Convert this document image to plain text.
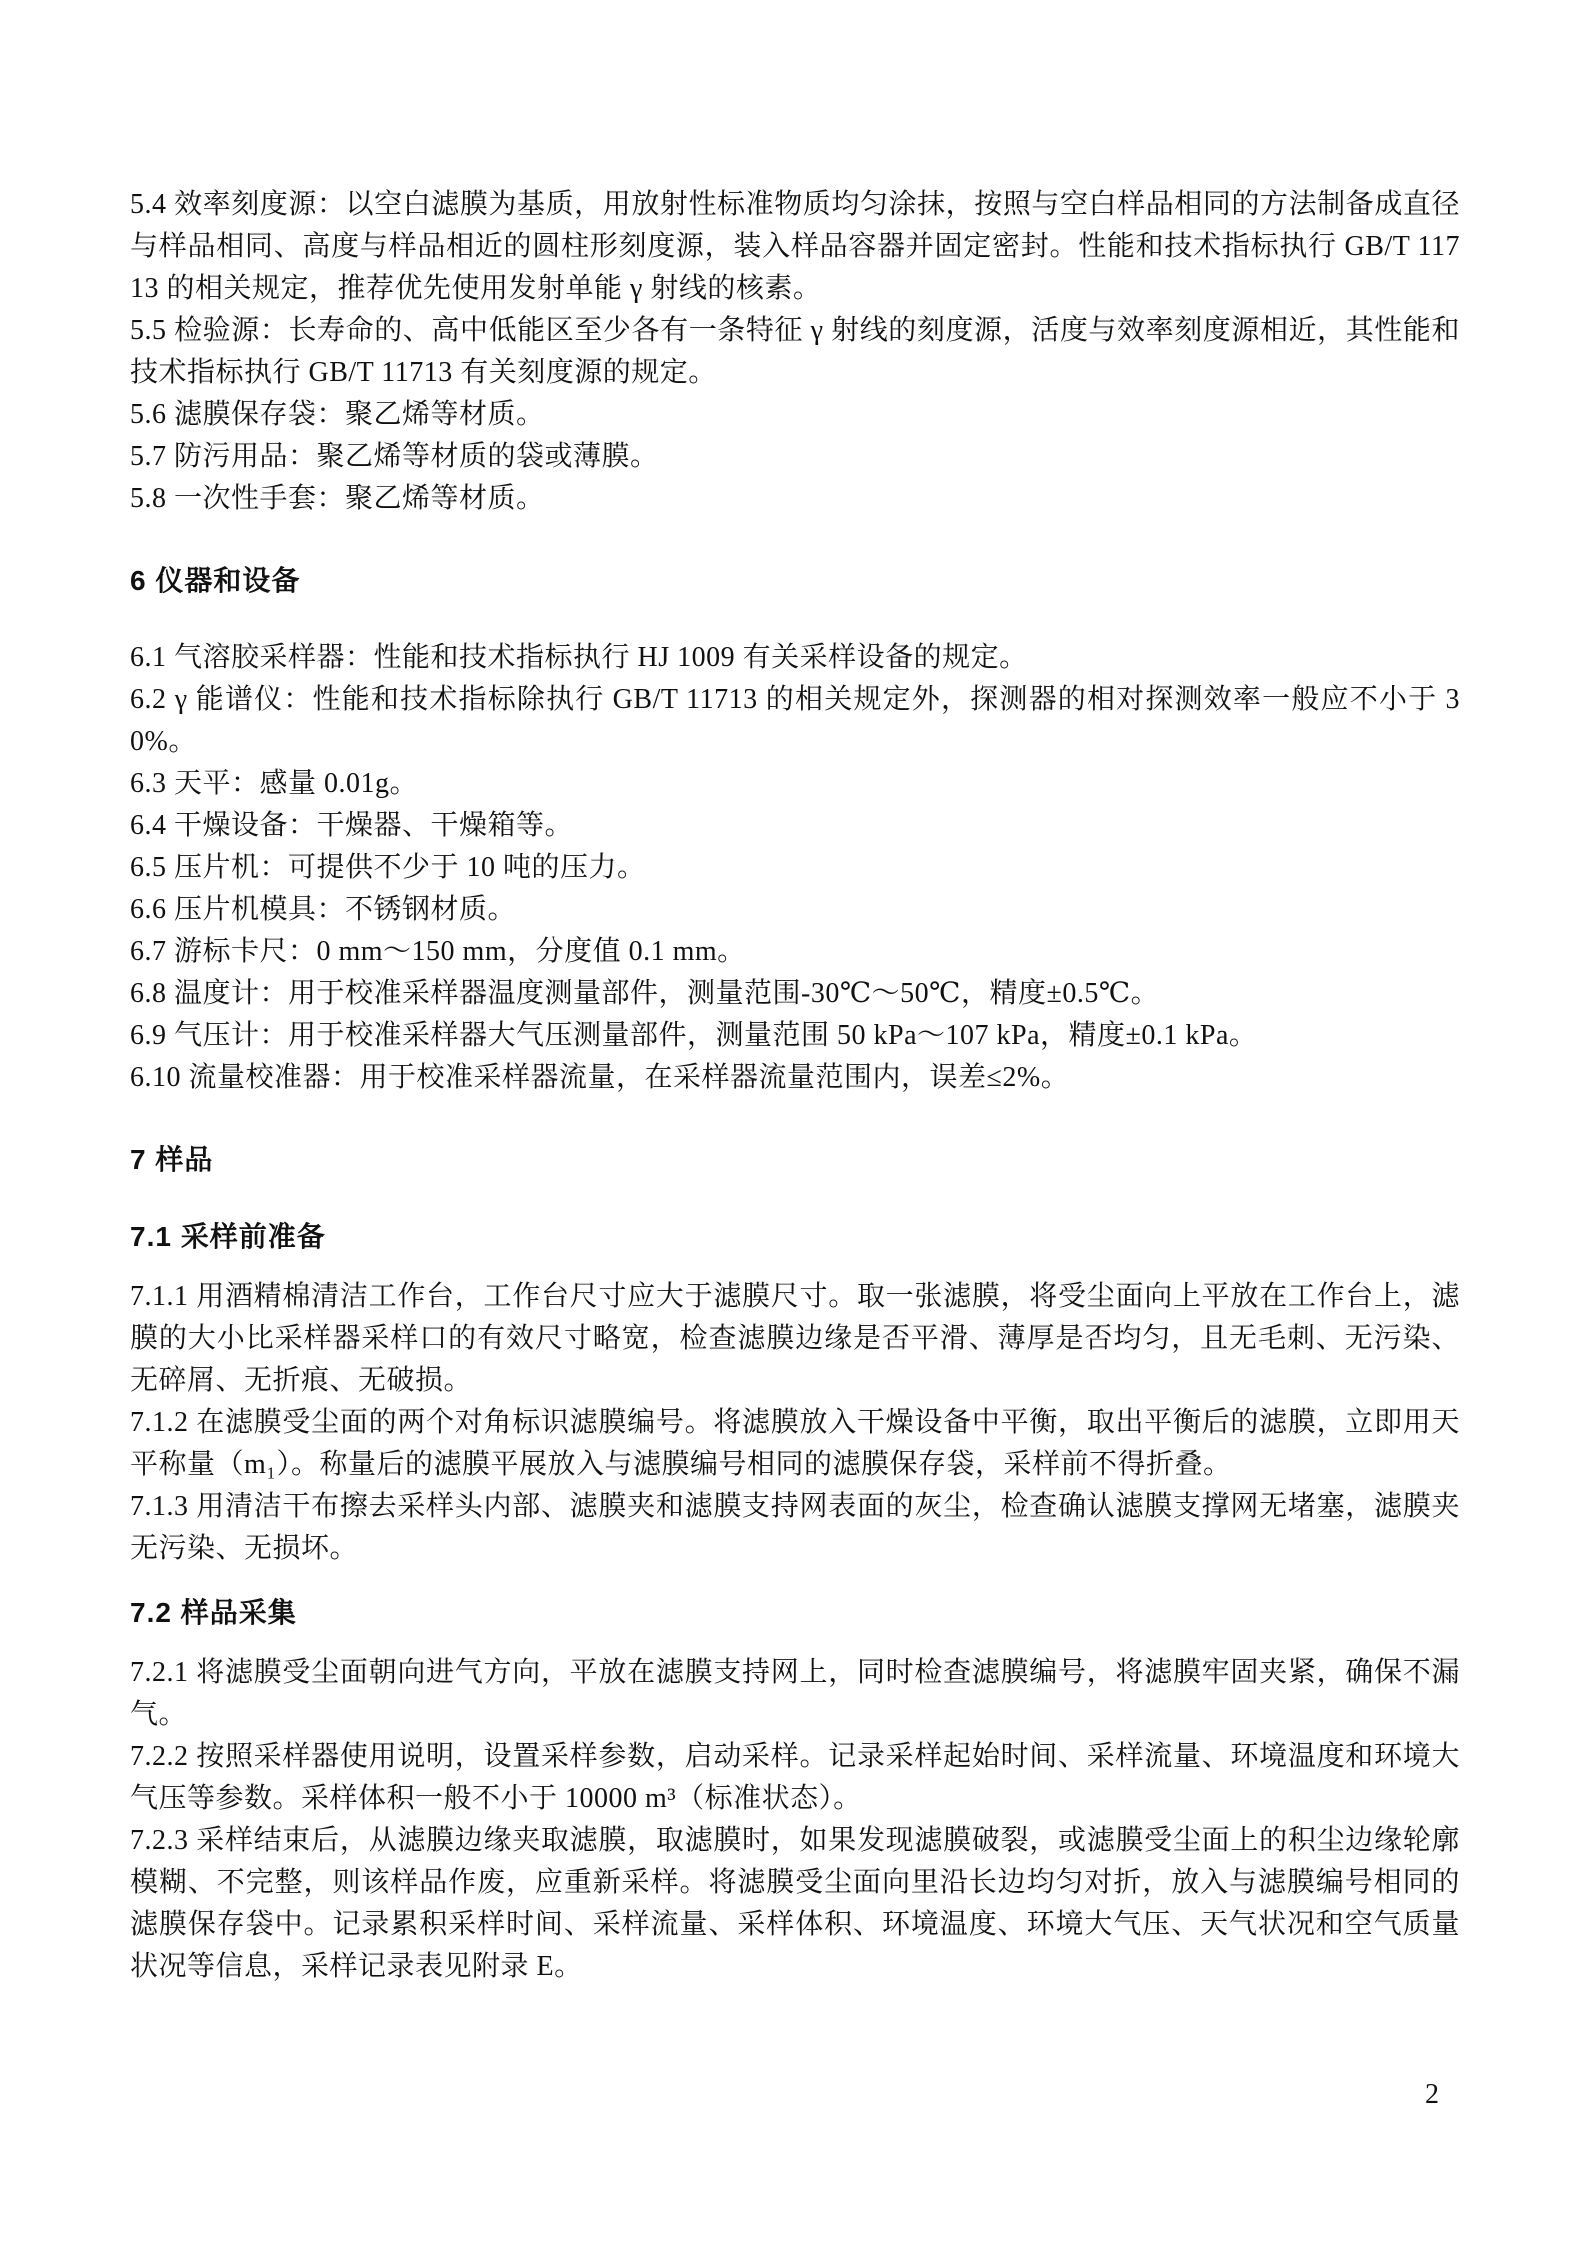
5.4 效率刻度源：以空白滤膜为基质，用放射性标准物质均匀涂抹，按照与空白样品相同的方法制备成直径与样品相同、高度与样品相近的圆柱形刻度源，装入样品容器并固定密封。性能和技术指标执行 GB/T 11713 的相关规定，推荐优先使用发射单能 γ 射线的核素。

5.5 检验源：长寿命的、高中低能区至少各有一条特征 γ 射线的刻度源，活度与效率刻度源相近，其性能和技术指标执行 GB/T 11713 有关刻度源的规定。

5.6 滤膜保存袋：聚乙烯等材质。

5.7 防污用品：聚乙烯等材质的袋或薄膜。

5.8 一次性手套：聚乙烯等材质。

6 仪器和设备

6.1 气溶胶采样器：性能和技术指标执行 HJ 1009 有关采样设备的规定。

6.2 γ 能谱仪：性能和技术指标除执行 GB/T 11713 的相关规定外，探测器的相对探测效率一般应不小于 30%。

6.3 天平：感量 0.01g。

6.4 干燥设备：干燥器、干燥箱等。

6.5 压片机：可提供不少于 10 吨的压力。

6.6 压片机模具：不锈钢材质。

6.7 游标卡尺：0 mm～150 mm，分度值 0.1 mm。

6.8 温度计：用于校准采样器温度测量部件，测量范围-30℃～50℃，精度±0.5℃。

6.9 气压计：用于校准采样器大气压测量部件，测量范围 50 kPa～107 kPa，精度±0.1 kPa。

6.10 流量校准器：用于校准采样器流量，在采样器流量范围内，误差≤2%。

7 样品
7.1 采样前准备

7.1.1 用酒精棉清洁工作台，工作台尺寸应大于滤膜尺寸。取一张滤膜，将受尘面向上平放在工作台上，滤膜的大小比采样器采样口的有效尺寸略宽，检查滤膜边缘是否平滑、薄厚是否均匀，且无毛刺、无污染、无碎屑、无折痕、无破损。

7.1.2 在滤膜受尘面的两个对角标识滤膜编号。将滤膜放入干燥设备中平衡，取出平衡后的滤膜，立即用天平称量（m₁）。称量后的滤膜平展放入与滤膜编号相同的滤膜保存袋，采样前不得折叠。

7.1.3 用清洁干布擦去采样头内部、滤膜夹和滤膜支持网表面的灰尘，检查确认滤膜支撑网无堵塞，滤膜夹无污染、无损坏。

7.2 样品采集

7.2.1 将滤膜受尘面朝向进气方向，平放在滤膜支持网上，同时检查滤膜编号，将滤膜牢固夹紧，确保不漏气。

7.2.2 按照采样器使用说明，设置采样参数，启动采样。记录采样起始时间、采样流量、环境温度和环境大气压等参数。采样体积一般不小于 10000 m³（标准状态）。

7.2.3 采样结束后，从滤膜边缘夹取滤膜，取滤膜时，如果发现滤膜破裂，或滤膜受尘面上的积尘边缘轮廓模糊、不完整，则该样品作废，应重新采样。将滤膜受尘面向里沿长边均匀对折，放入与滤膜编号相同的滤膜保存袋中。记录累积采样时间、采样流量、采样体积、环境温度、环境大气压、天气状况和空气质量状况等信息，采样记录表见附录 E。

2
